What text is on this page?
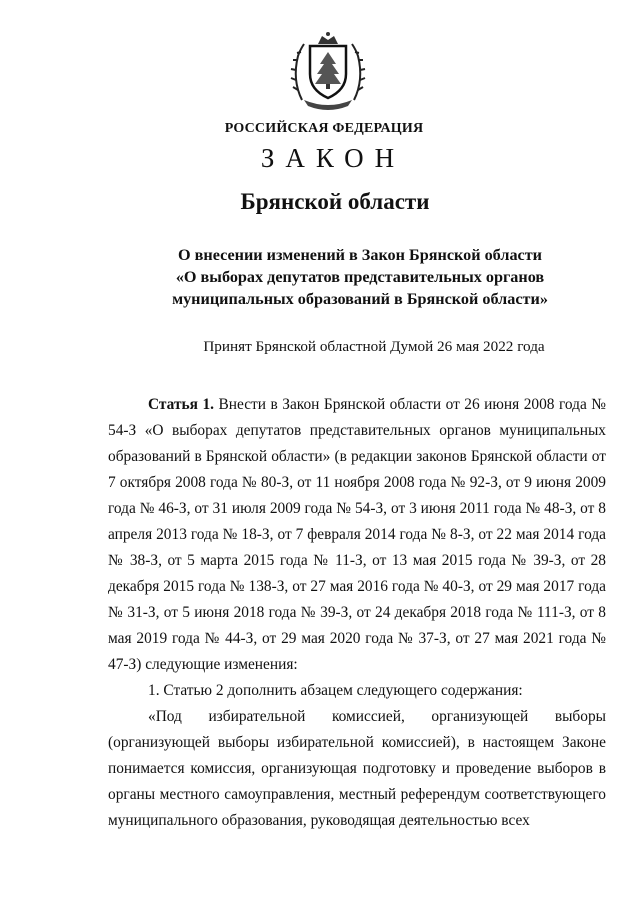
РОССИЙСКАЯ ФЕДЕРАЦИЯ
ЗАКОН
Брянской области
О внесении изменений в Закон Брянской области
«О выборах депутатов представительных органов
муниципальных образований в Брянской области»
Принят Брянской областной Думой 26 мая 2022 года

Статья 1. Внести в Закон Брянской области от 26 июня 2008 года № 54-З «О выборах депутатов представительных органов муниципальных образований в Брянской области» (в редакции законов Брянской области от 7 октября 2008 года № 80-З, от 11 ноября 2008 года № 92-З, от 9 июня 2009 года № 46-З, от 31 июля 2009 года № 54-З, от 3 июня 2011 года № 48-З, от 8 апреля 2013 года № 18-З, от 7 февраля 2014 года № 8-З, от 22 мая 2014 года № 38-З, от 5 марта 2015 года № 11-З, от 13 мая 2015 года № 39-З, от 28 декабря 2015 года № 138-З, от 27 мая 2016 года № 40-З, от 29 мая 2017 года № 31-З, от 5 июня 2018 года № 39-З, от 24 декабря 2018 года № 111-З, от 8 мая 2019 года № 44-З, от 29 мая 2020 года № 37-З, от 27 мая 2021 года № 47-З) следующие изменения:

1. Статью 2 дополнить абзацем следующего содержания:

«Под избирательной комиссией, организующей выборы (организующей выборы избирательной комиссией), в настоящем Законе понимается комиссия, организующая подготовку и проведение выборов в органы местного самоуправления, местный референдум соответствующего муниципального образования, руководящая деятельностью всех
